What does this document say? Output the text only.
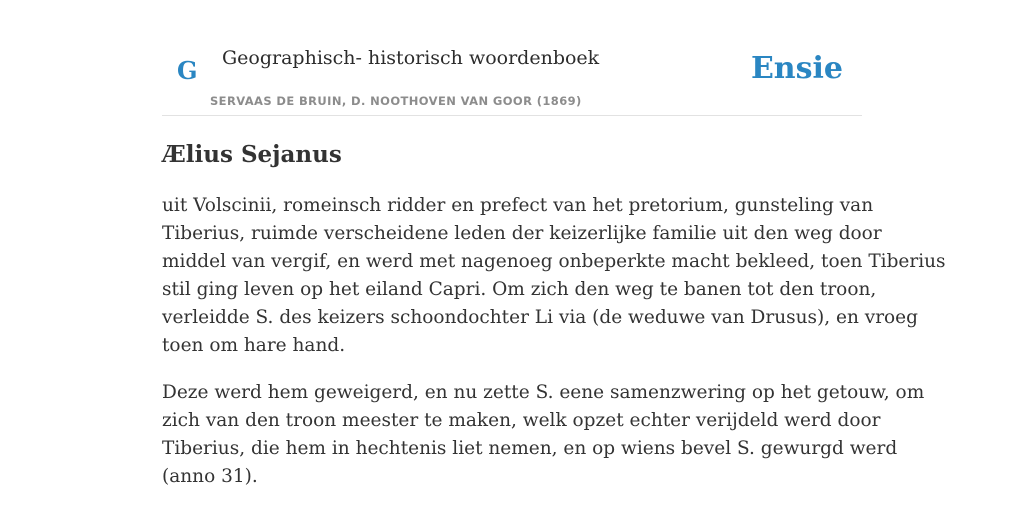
G Geographisch- historisch woordenboek
SERVAAS DE BRUIN, D. NOOTHOVEN VAN GOOR (1869)
Ensie
Ælius Sejanus

uit Volscinii, romeinsch ridder en prefect van het pretorium, gunsteling van
Tiberius, ruimde verscheidene leden der keizerlijke familie uit den weg door
middel van vergif, en werd met nagenoeg onbeperkte macht bekleed, toen Tiberius
stil ging leven op het eiland Capri. Om zich den weg te banen tot den troon,
verleidde S. des keizers schoondochter Li via (de weduwe van Drusus), en vroeg
toen om hare hand.

Deze werd hem geweigerd, en nu zette S. eene samenzwering op het getouw, om
zich van den troon meester te maken, welk opzet echter verijdeld werd door
Tiberius, die hem in hechtenis liet nemen, en op wiens bevel S. gewurgd werd
(anno 31).
